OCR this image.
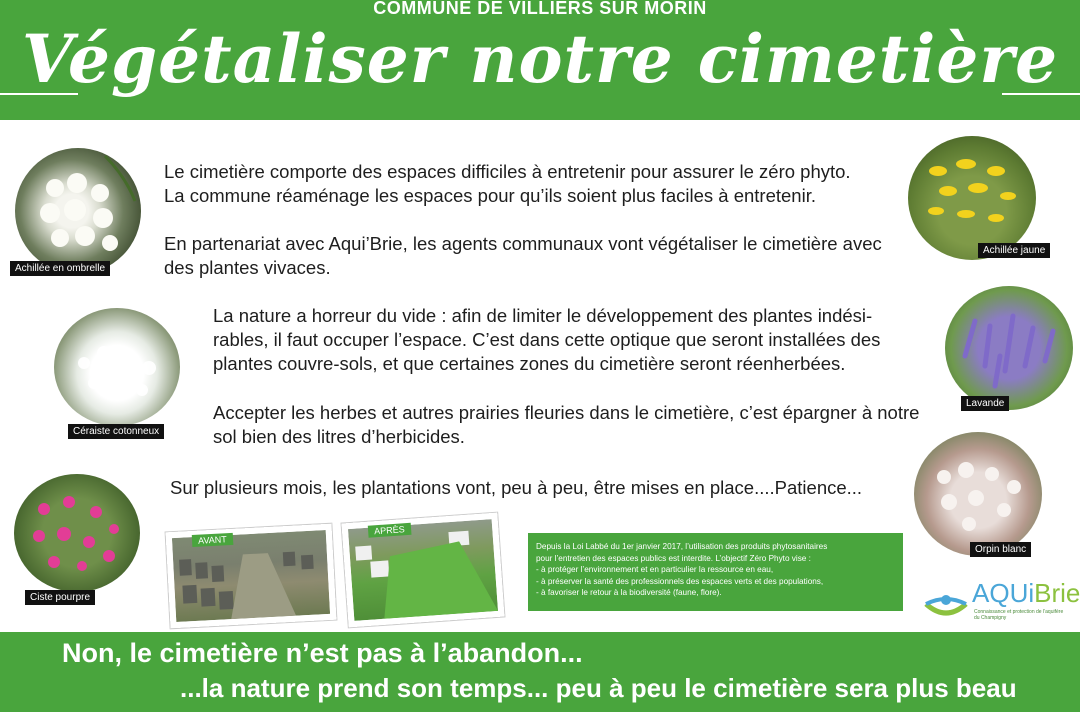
COMMUNE DE VILLIERS SUR MORIN
Végétaliser notre cimetière
Le cimetière comporte des espaces difficiles à entretenir pour assurer le zéro phyto.
La commune réaménage les espaces pour qu’ils soient plus faciles à entretenir.
En partenariat avec Aqui’Brie, les agents communaux vont végétaliser le cimetière avec
des plantes vivaces.
La nature a horreur du vide : afin de limiter le développement des plantes indési-
rables, il faut occuper l’espace. C’est dans cette optique que seront installées des
plantes couvre-sols, et que certaines zones du cimetière seront réenherbées.
Accepter les herbes et autres prairies fleuries dans le cimetière, c’est épargner à notre
sol bien des litres d’herbicides.
Sur plusieurs mois, les plantations vont, peu à peu, être mises en place....Patience...
Achillée en ombrelle
Céraiste cotonneux
Ciste pourpre
Achillée jaune
Lavande
Orpin blanc
AVANT
APRÈS
Depuis la Loi Labbé du 1er janvier 2017, l’utilisation des produits phytosanitaires
pour l’entretien des espaces publics est interdite. L’objectif Zéro Phyto vise :
- à protéger l’environnement et en particulier la ressource en eau,
- à préserver la santé des professionnels des espaces verts et des populations,
- à favoriser le retour à la biodiversité (faune, flore).	AQUiBrie
Connaissance et protection de l’aquifère du Champigny
Non, le cimetière n’est pas à l’abandon...
...la nature prend son temps... peu à peu le cimetière sera plus beau
